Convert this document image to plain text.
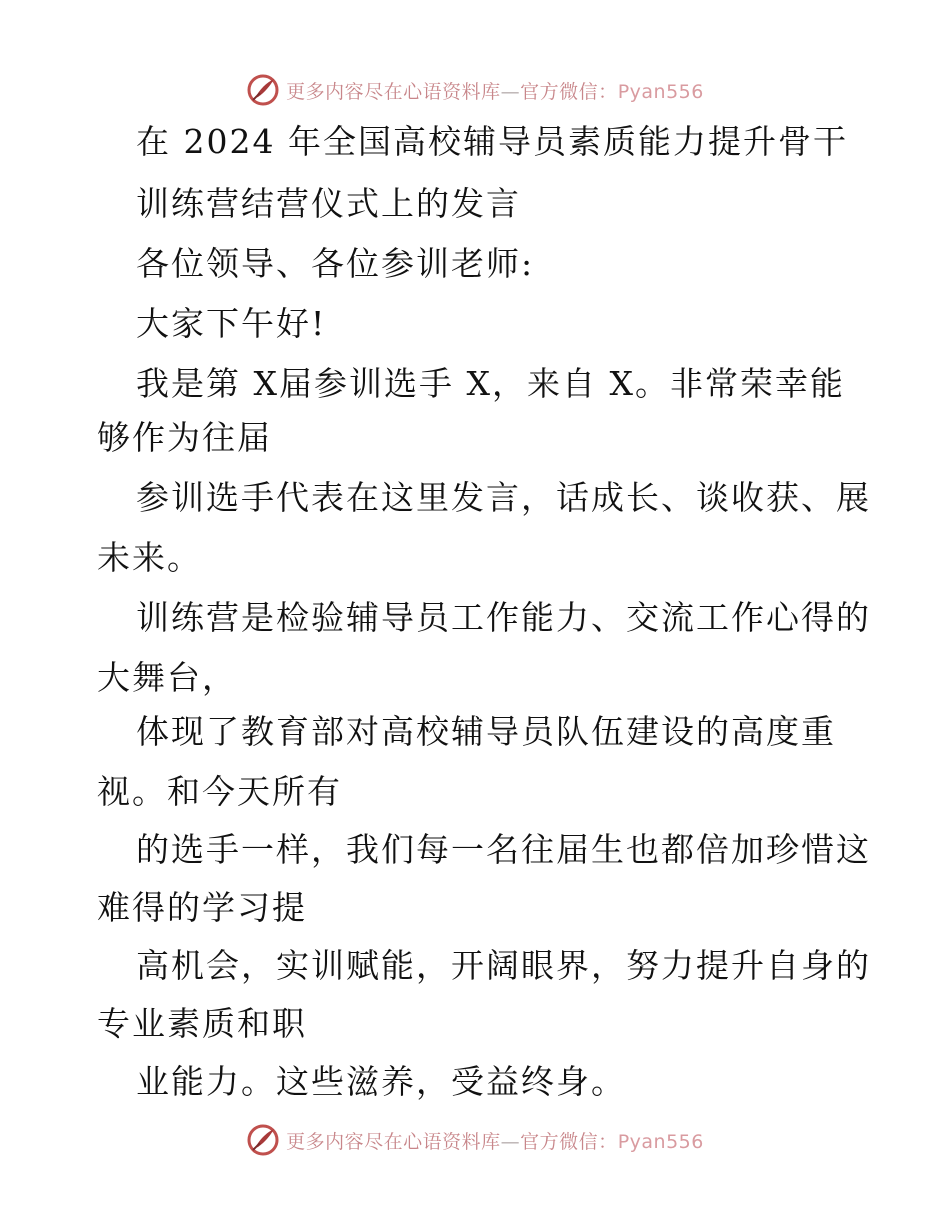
更多内容尽在心语资料库—官方微信：Pyan556
在 2024 年全国高校辅导员素质能力提升骨干
训练营结营仪式上的发言
各位领导、各位参训老师:
大家下午好!
我是第 X届参训选手 X，来自 X。非常荣幸能
够作为往届
参训选手代表在这里发言，话成长、谈收获、展
未来。
训练营是检验辅导员工作能力、交流工作心得的
大舞台，
体现了教育部对高校辅导员队伍建设的高度重
视。和今天所有
的选手一样，我们每一名往届生也都倍加珍惜这
难得的学习提
高机会，实训赋能，开阔眼界，努力提升自身的
专业素质和职
业能力。这些滋养，受益终身。
更多内容尽在心语资料库—官方微信：Pyan556
